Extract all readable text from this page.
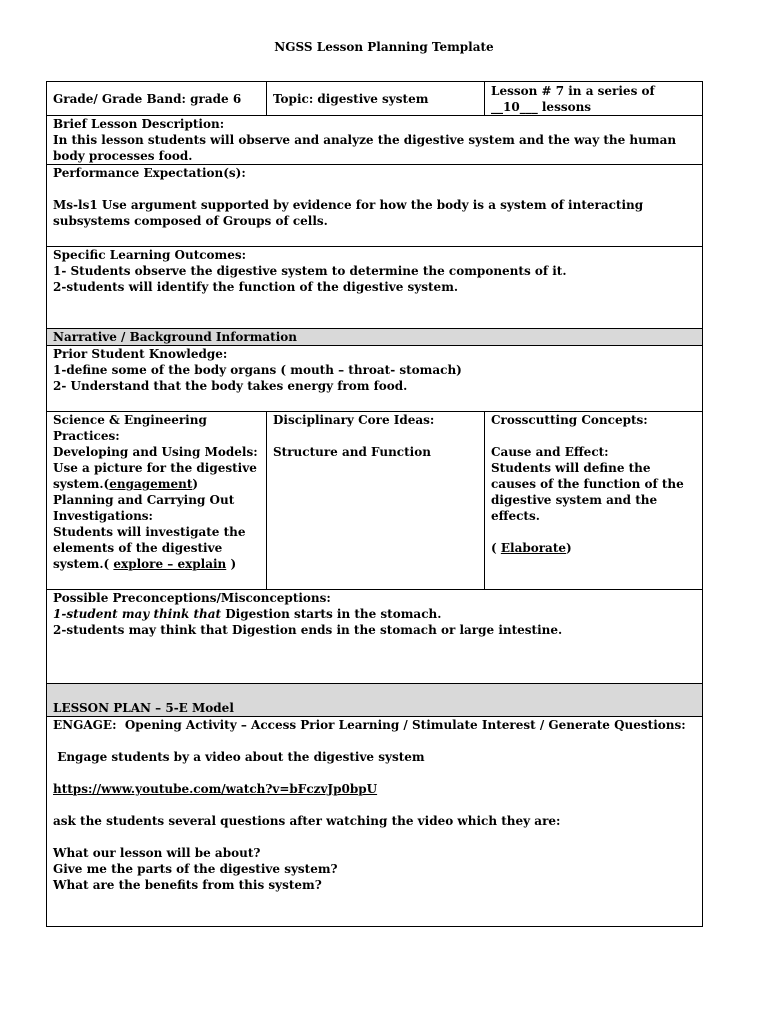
NGSS Lesson Planning Template
Grade/ Grade Band: grade 6	Topic: digestive system
Lesson # 7 in a series of __10___ lessons
Brief Lesson Description:
In this lesson students will observe and analyze the digestive system and the way the human body processes food.
Performance Expectation(s):
Ms-ls1 Use argument supported by evidence for how the body is a system of interacting subsystems composed of Groups of cells.
Specific Learning Outcomes:
1- Students observe the digestive system to determine the components of it.
2-students will identify the function of the digestive system.
Narrative / Background Information
Prior Student Knowledge:
1-define some of the body organs ( mouth – throat- stomach)
2- Understand that the body takes energy from food.
Science & Engineering Practices:
Developing and Using Models:
Use a picture for the digestive system.(engagement)
Planning and Carrying Out Investigations:
Students will investigate the elements of the digestive system.( explore – explain )
Disciplinary Core Ideas:
Structure and Function
Crosscutting Concepts:
Cause and Effect:
Students will define the causes of the function of the digestive system and the effects.
( Elaborate)
Possible Preconceptions/Misconceptions:
1-student may think that Digestion starts in the stomach.
2-students may think that Digestion ends in the stomach or large intestine.
LESSON PLAN – 5-E Model
ENGAGE:  Opening Activity – Access Prior Learning / Stimulate Interest / Generate Questions:
Engage students by a video about the digestive system
https://www.youtube.com/watch?v=bFczvJp0bpU
ask the students several questions after watching the video which they are:
What our lesson will be about?
Give me the parts of the digestive system?
What are the benefits from this system?
